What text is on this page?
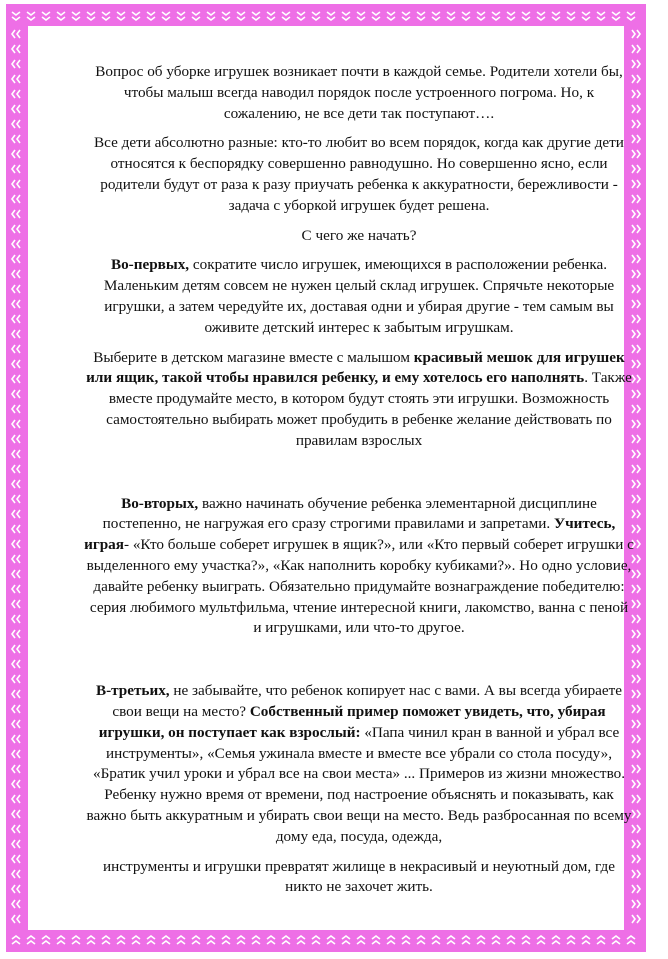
Вопрос об уборке игрушек возникает почти в каждой семье. Родители хотели бы, чтобы малыш всегда наводил порядок после устроенного погрома. Но, к сожалению, не все дети так поступают….

Все дети абсолютно разные: кто-то любит во всем порядок, когда как другие дети относятся к беспорядку совершенно равнодушно. Но совершенно ясно, если родители будут от раза к разу приучать ребенка к аккуратности, бережливости - задача с уборкой игрушек будет решена.

С чего же начать?

Во-первых, сократите число игрушек, имеющихся в расположении ребенка. Маленьким детям совсем не нужен целый склад игрушек. Спрячьте некоторые игрушки, а затем чередуйте их, доставая одни и убирая другие - тем самым вы оживите детский интерес к забытым игрушкам.

Выберите в детском магазине вместе с малышом красивый мешок для игрушек или ящик, такой чтобы нравился ребенку, и ему хотелось его наполнять. Также вместе продумайте место, в котором будут стоять эти игрушки. Возможность самостоятельно выбирать может пробудить в ребенке желание действовать по правилам взрослых

Во-вторых, важно начинать обучение ребенка элементарной дисциплине постепенно, не нагружая его сразу строгими правилами и запретами. Учитесь, играя- «Кто больше соберет игрушек в ящик?», или «Кто первый соберет игрушки с выделенного ему участка?», «Как наполнить коробку кубиками?». Но одно условие, давайте ребенку выиграть. Обязательно придумайте вознаграждение победителю: серия любимого мультфильма, чтение интересной книги, лакомство, ванна с пеной и игрушками, или что-то другое.

В-третьих, не забывайте, что ребенок копирует нас с вами. А вы всегда убираете свои вещи на место? Собственный пример поможет увидеть, что, убирая игрушки, он поступает как взрослый: «Папа чинил кран в ванной и убрал все инструменты», «Семья ужинала вместе и вместе все убрали со стола посуду», «Братик учил уроки и убрал все на свои места» ... Примеров из жизни множество. Ребенку нужно время от времени, под настроение объяснять и показывать, как важно быть аккуратным и убирать свои вещи на место. Ведь разбросанная по всему дому еда, посуда, одежда,

инструменты и игрушки превратят жилище в некрасивый и неуютный дом, где никто не захочет жить.
